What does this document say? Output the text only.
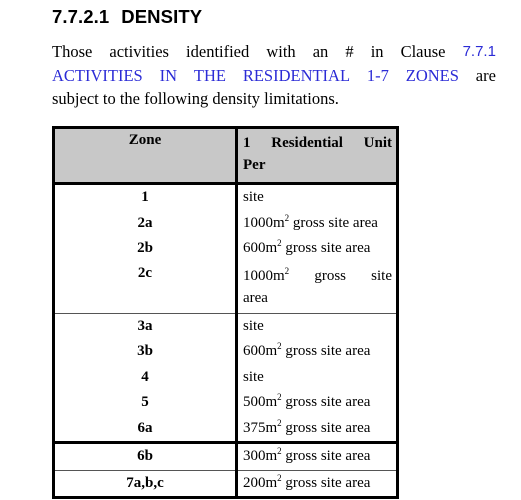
7.7.2.1 DENSITY
Those activities identified with an # in Clause 7.7.1
ACTIVITIES IN THE RESIDENTIAL 1-7 ZONES are
subject to the following density limitations.
Zone	1 Residential Unit
Per

1	site
2a	$1000m^2$ gross site area
2b	$600m^2$ gross site area
2c	$1000m^2$ gross site
area

3a	site
3b	$600m^2$ gross site area
4	site
5	$500m^2$ gross site area
6a	$375m^2$ gross site area
6b	$300m^2$ gross site area
7a,b,c	$200m^2$ gross site area
